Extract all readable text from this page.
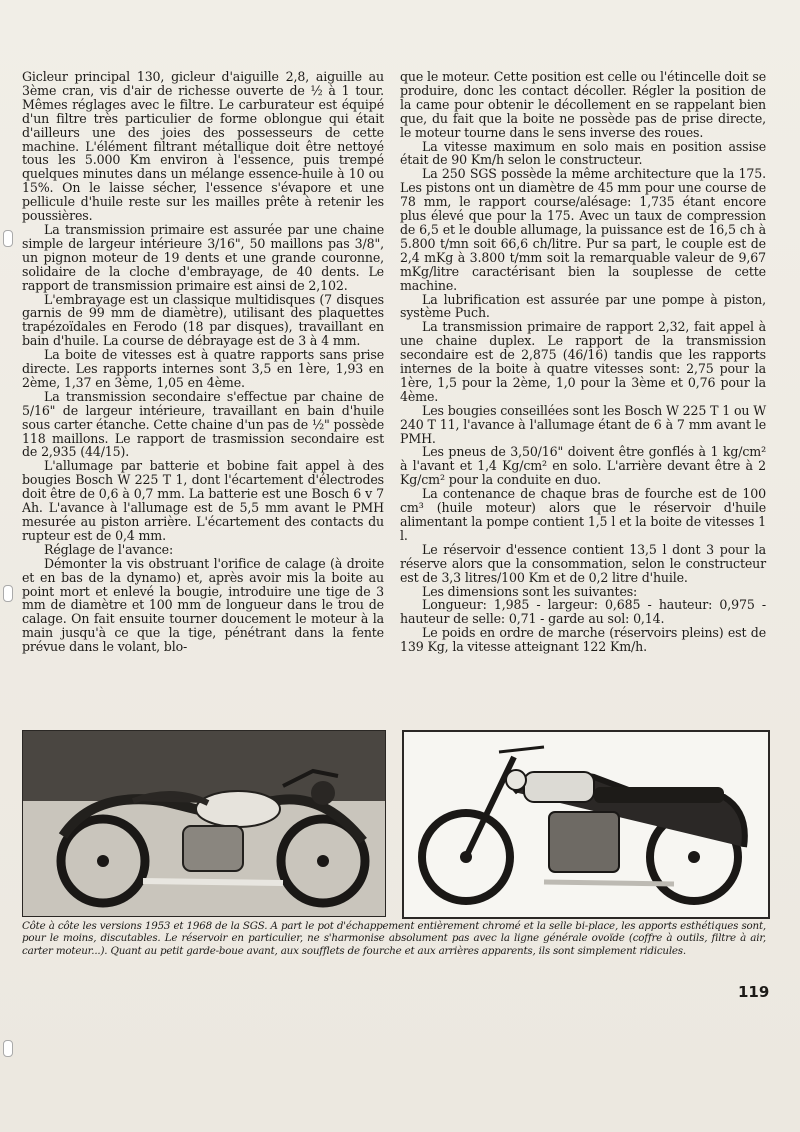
Gicleur principal 130, gicleur d'aiguille 2,8, aiguille au 3ème cran, vis d'air de richesse ouverte de ½ à 1 tour. Mêmes réglages avec le filtre. Le carburateur est équipé d'un filtre très particulier de forme oblongue qui était d'ailleurs une des joies des possesseurs de cette machine. L'élément filtrant métallique doit être nettoyé tous les 5.000 Km environ à l'essence, puis trempé quelques minutes dans un mélange essence-huile à 10 ou 15%. On le laisse sécher, l'essence s'évapore et une pellicule d'huile reste sur les mailles prête à retenir les poussières.

La transmission primaire est assurée par une chaine simple de largeur intérieure 3/16", 50 maillons pas 3/8", un pignon moteur de 19 dents et une grande couronne, solidaire de la cloche d'embrayage, de 40 dents. Le rapport de transmission primaire est ainsi de 2,102.

L'embrayage est un classique multidisques (7 disques garnis de 99 mm de diamètre), utilisant des plaquettes trapézoïdales en Ferodo (18 par disques), travaillant en bain d'huile. La course de débrayage est de 3 à 4 mm.

La boite de vitesses est à quatre rapports sans prise directe. Les rapports internes sont 3,5 en 1ère, 1,93 en 2ème, 1,37 en 3ème, 1,05 en 4ème.

La transmission secondaire s'effectue par chaine de 5/16" de largeur intérieure, travaillant en bain d'huile sous carter étanche. Cette chaine d'un pas de ½" possède 118 maillons. Le rapport de trasmission secondaire est de 2,935 (44/15).

L'allumage par batterie et bobine fait appel à des bougies Bosch W 225 T 1, dont l'écartement d'électrodes doit être de 0,6 à 0,7 mm. La batterie est une Bosch 6 v 7 Ah. L'avance à l'allumage est de 5,5 mm avant le PMH mesurée au piston arrière. L'écartement des contacts du rupteur est de 0,4 mm.

Réglage de l'avance:

Démonter la vis obstruant l'orifice de calage (à droite et en bas de la dynamo) et, après avoir mis la boite au point mort et enlevé la bougie, introduire une tige de 3 mm de diamètre et 100 mm de longueur dans le trou de calage. On fait ensuite tourner doucement le moteur à la main jusqu'à ce que la tige, pénétrant dans la fente prévue dans le volant, blo-

que le moteur. Cette position est celle ou l'étincelle doit se produire, donc les contact décoller. Régler la position de la came pour obtenir le décollement en se rappelant bien que, du fait que la boite ne possède pas de prise directe, le moteur tourne dans le sens inverse des roues.

La vitesse maximum en solo mais en position assise était de 90 Km/h selon le constructeur.

La 250 SGS possède la même architecture que la 175. Les pistons ont un diamètre de 45 mm pour une course de 78 mm, le rapport course/alésage: 1,735 étant encore plus élevé que pour la 175. Avec un taux de compression de 6,5 et le double allumage, la puissance est de 16,5 ch à 5.800 t/mn soit 66,6 ch/litre. Pur sa part, le couple est de 2,4 mKg à 3.800 t/mm soit la remarquable valeur de 9,67 mKg/litre caractérisant bien la souplesse de cette machine.

La lubrification est assurée par une pompe à piston, système Puch.

La transmission primaire de rapport 2,32, fait appel à une chaine duplex. Le rapport de la transmission secondaire est de 2,875 (46/16) tandis que les rapports internes de la boite à quatre vitesses sont: 2,75 pour la 1ère, 1,5 pour la 2ème, 1,0 pour la 3ème et 0,76 pour la 4ème.

Les bougies conseillées sont les Bosch W 225 T 1 ou W 240 T 11, l'avance à l'allumage étant de 6 à 7 mm avant le PMH.

Les pneus de 3,50/16" doivent être gonflés à 1 kg/cm² à l'avant et 1,4 Kg/cm² en solo. L'arrière devant être à 2 Kg/cm² pour la conduite en duo.

La contenance de chaque bras de fourche est de 100 cm³ (huile moteur) alors que le réservoir d'huile alimentant la pompe contient 1,5 l et la boite de vitesses 1 l.

Le réservoir d'essence contient 13,5 l dont 3 pour la réserve alors que la consommation, selon le constructeur est de 3,3 litres/100 Km et de 0,2 litre d'huile.

Les dimensions sont les suivantes:

Longueur: 1,985 - largeur: 0,685 - hauteur: 0,975 - hauteur de selle: 0,71 - garde au sol: 0,14.

Le poids en ordre de marche (réservoirs pleins) est de 139 Kg, la vitesse atteignant 122 Km/h.

Côte à côte les versions 1953 et 1968 de la SGS. A part le pot d'échappement entièrement chromé et la selle bi-place, les apports esthétiques sont, pour le moins, discutables. Le réservoir en particulier, ne s'harmonise absolument pas avec la ligne générale ovoïde (coffre à outils, filtre à air, carter moteur...). Quant au petit garde-boue avant, aux soufflets de fourche et aux arrières apparents, ils sont simplement ridicules.
119
